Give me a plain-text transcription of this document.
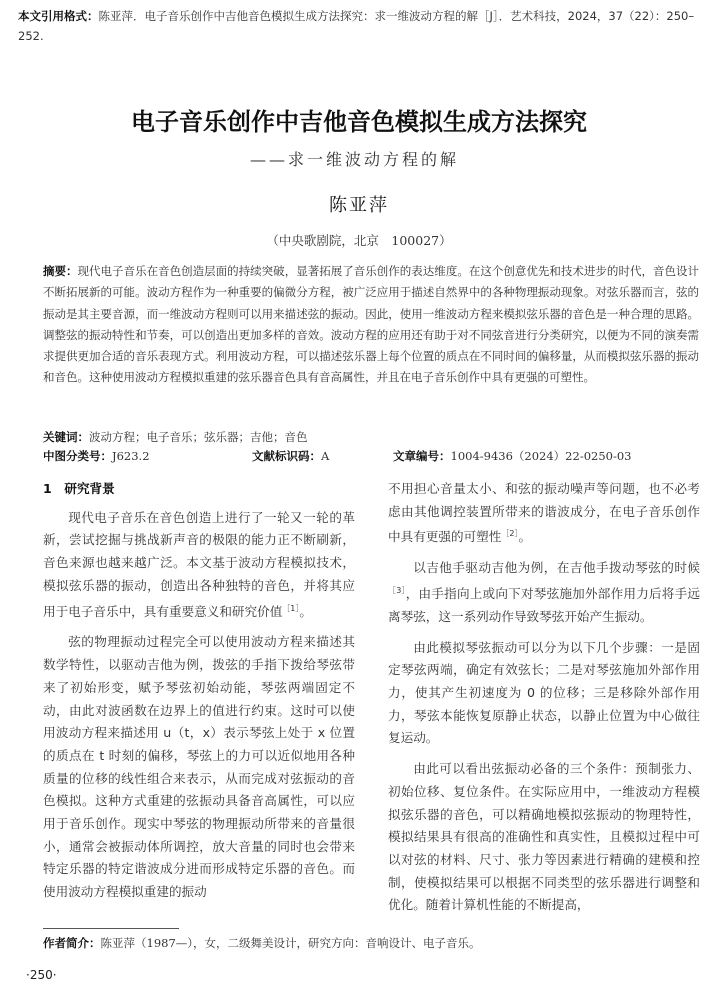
本文引用格式：陈亚萍．电子音乐创作中吉他音色模拟生成方法探究：求一维波动方程的解［J］．艺术科技，2024，37（22）：250–252.
电子音乐创作中吉他音色模拟生成方法探究
——求一维波动方程的解
陈亚萍
（中央歌剧院，北京　100027）
摘要：现代电子音乐在音色创造层面的持续突破，显著拓展了音乐创作的表达维度。在这个创意优先和技术进步的时代，音色设计不断拓展新的可能。波动方程作为一种重要的偏微分方程，被广泛应用于描述自然界中的各种物理振动现象。对弦乐器而言，弦的振动是其主要音源，而一维波动方程则可以用来描述弦的振动。因此，使用一维波动方程来模拟弦乐器的音色是一种合理的思路。调整弦的振动特性和节奏，可以创造出更加多样的音效。波动方程的应用还有助于对不同弦音进行分类研究，以便为不同的演奏需求提供更加合适的音乐表现方式。利用波动方程，可以描述弦乐器上每个位置的质点在不同时间的偏移量，从而模拟弦乐器的振动和音色。这种使用波动方程模拟重建的弦乐器音色具有音高属性，并且在电子音乐创作中具有更强的可塑性。
关键词：波动方程；电子音乐；弦乐器；吉他；音色
中图分类号：J623.2	文献标识码：A	文章编号：1004-9436（2024）22-0250-03
1　研究背景

现代电子音乐在音色创造上进行了一轮又一轮的革新，尝试挖掘与挑战新声音的极限的能力正不断刷新，音色来源也越来越广泛。本文基于波动方程模拟技术，模拟弦乐器的振动，创造出各种独特的音色，并将其应用于电子音乐中，具有重要意义和研究价值$^{[1]}$。

弦的物理振动过程完全可以使用波动方程来描述其数学特性，以驱动吉他为例，拨弦的手指下拨给琴弦带来了初始形变，赋予琴弦初始动能，琴弦两端固定不动，由此对波函数在边界上的值进行约束。这时可以使用波动方程来描述用 u（t，x）表示琴弦上处于 x 位置的质点在 t 时刻的偏移，琴弦上的力可以近似地用各种质量的位移的线性组合来表示，从而完成对弦振动的音色模拟。这种方式重建的弦振动具备音高属性，可以应用于音乐创作。现实中琴弦的物理振动所带来的音量很小，通常会被振动体所调控，放大音量的同时也会带来特定乐器的特定谐波成分进而形成特定乐器的音色。而使用波动方程模拟重建的振动

不用担心音量太小、和弦的振动噪声等问题，也不必考虑由其他调控装置所带来的谐波成分，在电子音乐创作中具有更强的可塑性$^{[2]}$。

以吉他手驱动吉他为例，在吉他手拨动琴弦的时候$^{[3]}$，由手指向上或向下对琴弦施加外部作用力后将手远离琴弦，这一系列动作导致琴弦开始产生振动。

由此模拟琴弦振动可以分为以下几个步骤：一是固定琴弦两端，确定有效弦长；二是对琴弦施加外部作用力，使其产生初速度为 0 的位移；三是移除外部作用力，琴弦本能恢复原静止状态，以静止位置为中心做往复运动。

由此可以看出弦振动必备的三个条件：预制张力、初始位移、复位条件。在实际应用中，一维波动方程模拟弦乐器的音色，可以精确地模拟弦振动的物理特性，模拟结果具有很高的准确性和真实性，且模拟过程中可以对弦的材料、尺寸、张力等因素进行精确的建模和控制，使模拟结果可以根据不同类型的弦乐器进行调整和优化。随着计算机性能的不断提高，

作者简介：陈亚萍（1987—），女，二级舞美设计，研究方向：音响设计、电子音乐。
·250·
